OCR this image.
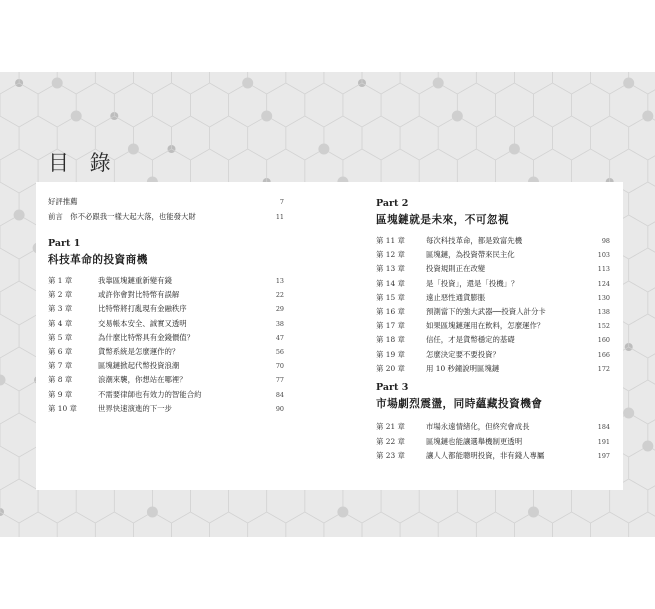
目 錄
好評推薦	7
前言　你不必跟我一樣大起大落，也能發大財	11
Part 1
科技革命的投資商機
第 1 章	我靠區塊鏈重新變有錢	13
第 2 章	或許你會對比特幣有誤解	22
第 3 章	比特幣將打亂現有金融秩序	29
第 4 章	交易帳本安全、誠實又透明	38
第 5 章	為什麼比特幣具有金錢價值？	47
第 6 章	貨幣系統是怎麼運作的？	56
第 7 章	區塊鏈掀起代幣投資浪潮	70
第 8 章	浪潮來襲，你想站在哪裡？	77
第 9 章	不需要律師也有效力的智能合約	84
第 10 章	世界快速演進的下一步	90
Part 2
區塊鏈就是未來，不可忽視
第 11 章	每次科技革命，都是致富先機	98
第 12 章	區塊鏈，為投資帶來民主化	103
第 13 章	投資規則正在改變	113
第 14 章	是「投資」，還是「投機」？	124
第 15 章	遠止惡性通貨膨脹	130
第 16 章	預測當下的強大武器──投資人計分卡	138
第 17 章	如果區塊鏈運用在飲料，怎麼運作？	152
第 18 章	信任，才是貨幣穩定的基礎	160
第 19 章	怎麼決定要不要投資？	166
第 20 章	用 10 秒鐘說明區塊鏈	172
Part 3
市場劇烈震盪，同時蘊藏投資機會
第 21 章	市場永遠情緒化，但終究會成長	184
第 22 章	區塊鏈也能讓選舉機制更透明	191
第 23 章	讓人人都能聰明投資，非有錢人專屬	197
